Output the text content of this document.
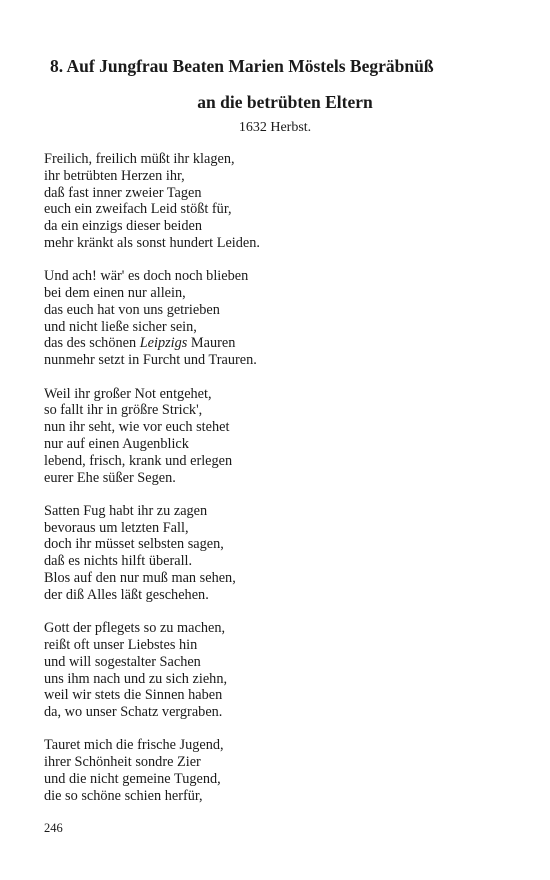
8. Auf Jungfrau Beaten Marien Möstels Begräbnüß
an die betrübten Eltern
1632 Herbst.
Freilich, freilich müßt ihr klagen,
ihr betrübten Herzen ihr,
daß fast inner zweier Tagen
euch ein zweifach Leid stößt für,
da ein einzigs dieser beiden
mehr kränkt als sonst hundert Leiden.
Und ach! wär' es doch noch blieben
bei dem einen nur allein,
das euch hat von uns getrieben
und nicht ließe sicher sein,
das des schönen Leipzigs Mauren
nunmehr setzt in Furcht und Trauren.
Weil ihr großer Not entgehet,
so fallt ihr in größre Strick',
nun ihr seht, wie vor euch stehet
nur auf einen Augenblick
lebend, frisch, krank und erlegen
eurer Ehe süßer Segen.
Satten Fug habt ihr zu zagen
bevoraus um letzten Fall,
doch ihr müsset selbsten sagen,
daß es nichts hilft überall.
Blos auf den nur muß man sehen,
der diß Alles läßt geschehen.
Gott der pflegets so zu machen,
reißt oft unser Liebstes hin
und will sogestalter Sachen
uns ihm nach und zu sich ziehn,
weil wir stets die Sinnen haben
da, wo unser Schatz vergraben.
Tauret mich die frische Jugend,
ihrer Schönheit sondre Zier
und die nicht gemeine Tugend,
die so schöne schien herfür,
246
